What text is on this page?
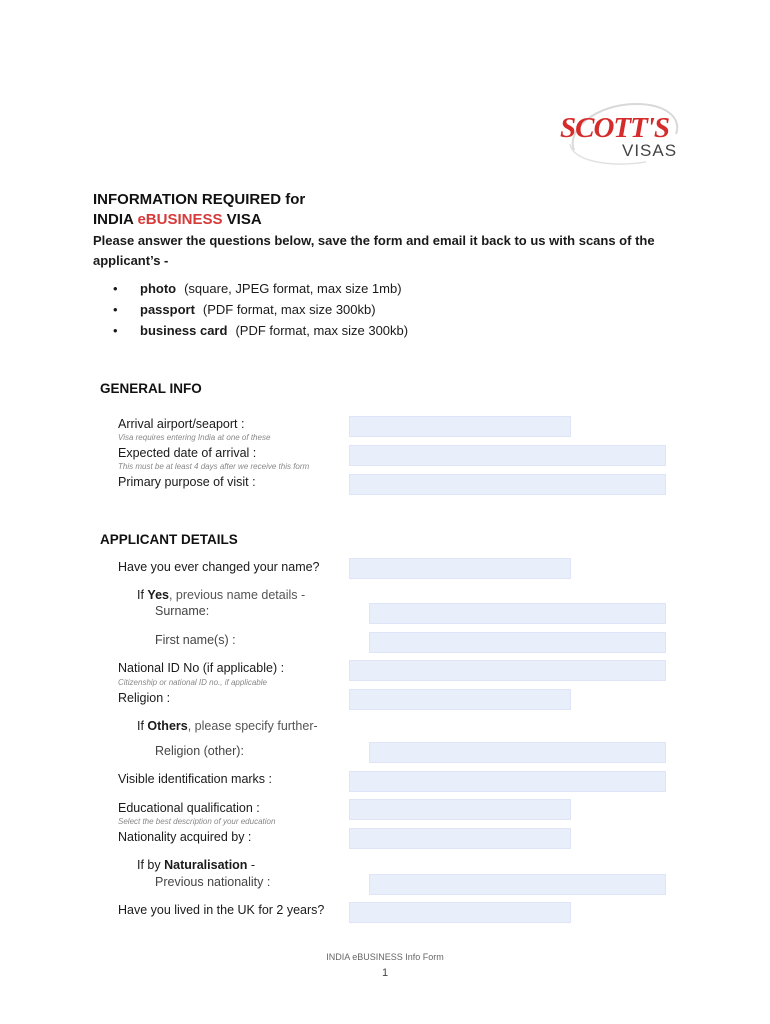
SCOTT'S
VISAS
INFORMATION REQUIRED for
INDIA eBUSINESS VISA
Please answer the questions below, save the form and email it back to us with scans of the
applicant’s -
•	photo (square, JPEG format, max size 1mb)
•	passport (PDF format, max size 300kb)
•	business card (PDF format, max size 300kb)
GENERAL INFO
Arrival airport/seaport :
Visa requires entering India at one of these
Expected date of arrival :
This must be at least 4 days after we receive this form
Primary purpose of visit :
APPLICANT DETAILS
Have you ever changed your name?
If Yes, previous name details -
Surname:
First name(s) :
National ID No (if applicable) :
Citizenship or national ID no., if applicable
Religion :
If Others, please specify further-
Religion (other):
Visible identification marks :
Educational qualification :
Select the best description of your education
Nationality acquired by :
If by Naturalisation -
Previous nationality :
Have you lived in the UK for 2 years?
INDIA eBUSINESS Info Form
1
